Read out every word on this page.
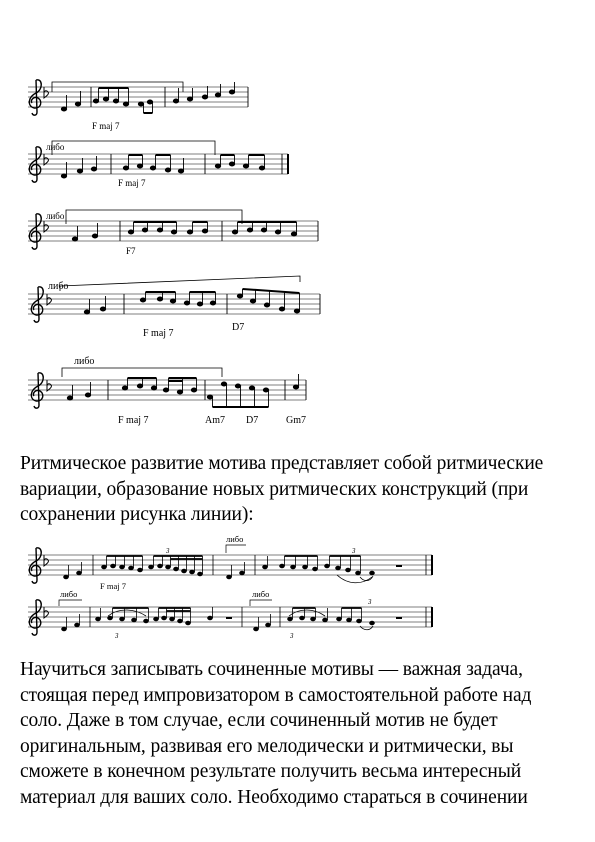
F maj 7
либо
F maj 7
либо
F7
либо
F maj 7
D7
либо
F maj 7	Am7 D7	Gm7
либо
3	3
F maj 7
либо	либо
3	3
3

Ритмическое развитие мотива представляет собой ритмические
вариации, образование новых ритмических конструкций (при
сохранении рисунка линии):

Научиться записывать сочиненные мотивы — важная задача,
стоящая перед импровизатором в самостоятельной работе над
соло. Даже в том случае, если сочиненный мотив не будет
оригинальным, развивая его мелодически и ритмически, вы
сможете в конечном результате получить весьма интересный
материал для ваших соло. Необходимо стараться в сочинении
